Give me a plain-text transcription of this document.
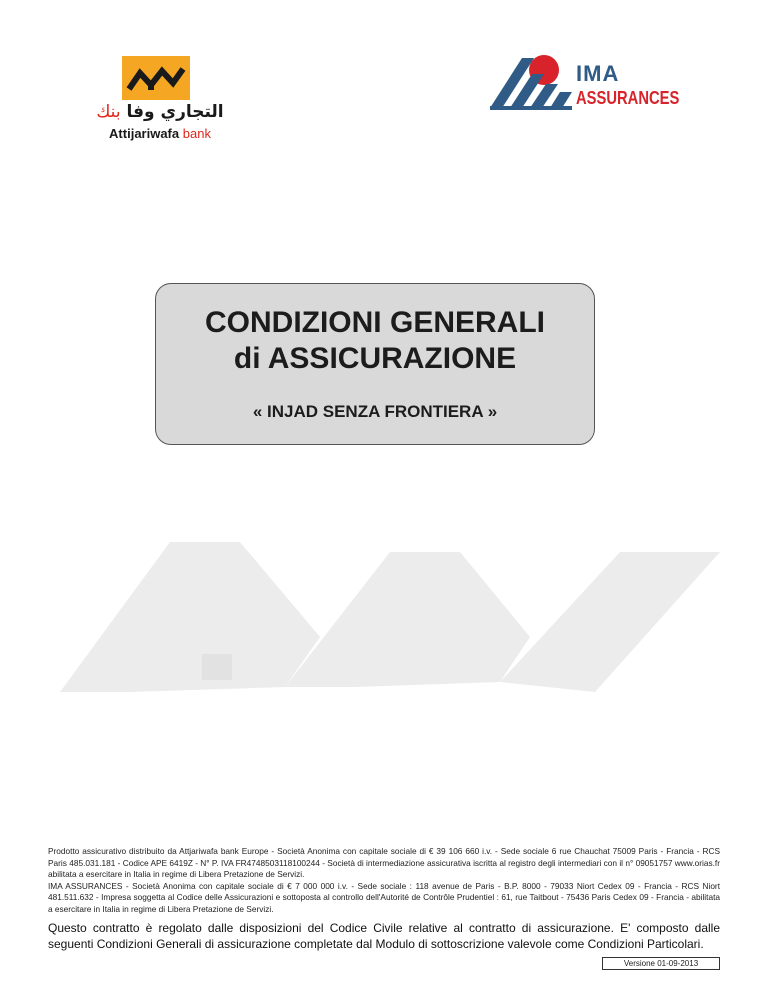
التجاري وفا بنك
Attijariwafa bank
IMA
ASSURANCES
CONDIZIONI GENERALI
di ASSICURAZIONE
« INJAD SENZA FRONTIERA »

Prodotto assicurativo distribuito da Attjariwafa bank Europe - Società Anonima con capitale sociale di € 39 106 660 i.v. - Sede sociale 6 rue Chauchat 75009 Paris - Francia - RCS Paris 485.031.181 - Codice APE 6419Z - N° P. IVA FR4748503118100244 - Società di intermediazione assicurativa iscritta al registro degli intermediari con il n° 09051757 www.orias.fr abilitata a esercitare in Italia in regime di Libera Pretazione de Servizi.

IMA ASSURANCES - Società Anonima con capitale sociale di € 7 000 000 i.v. - Sede sociale : 118 avenue de Paris - B.P. 8000 - 79033 Niort Cedex 09 - Francia - RCS Niort 481.511.632 - Impresa soggetta al Codice delle Assicurazioni e sottoposta al controllo dell'Autorité de Contrôle Prudentiel : 61, rue Taitbout - 75436 Paris Cedex 09 - Francia - abilitata a esercitare in Italia in regime di Libera Pretazione de Servizi.

Questo contratto è regolato dalle disposizioni del Codice Civile relative al contratto di assicurazione. E' composto dalle seguenti Condizioni Generali di assicurazione completate dal Modulo di sottoscrizione valevole come Condizioni Particolari.
Versione 01-09-2013
